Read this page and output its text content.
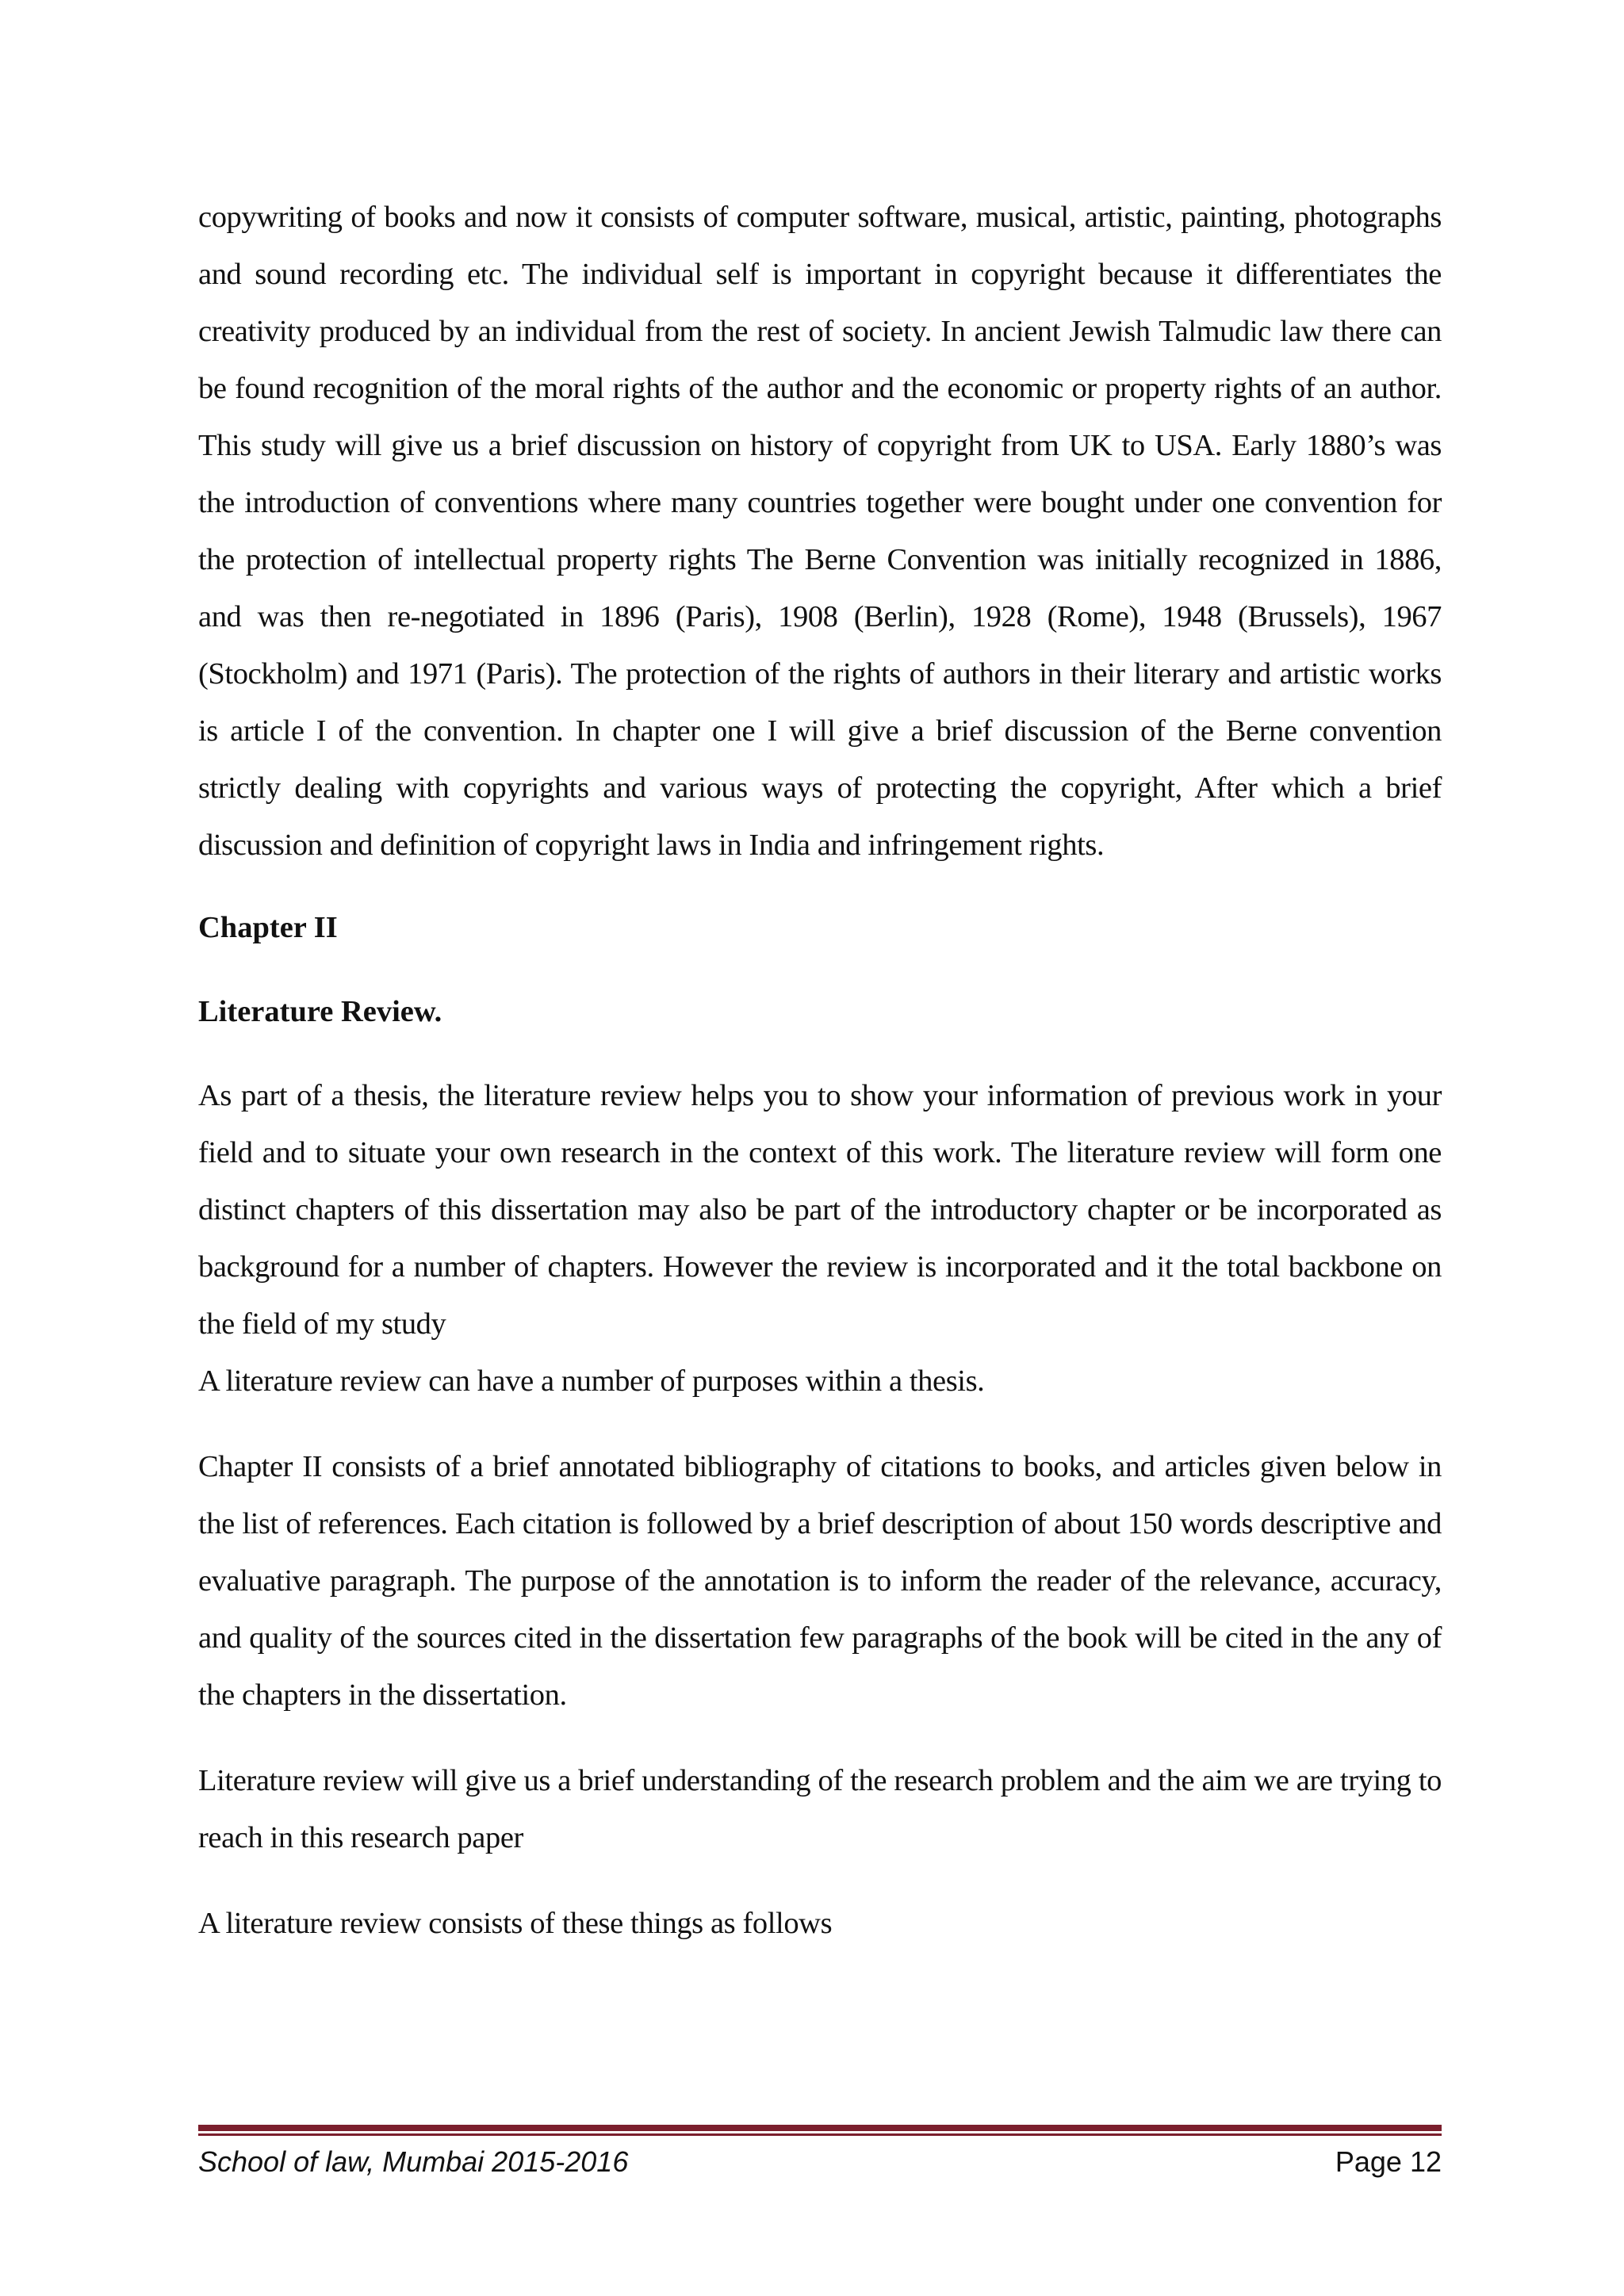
copywriting of books and now it consists of computer software, musical, artistic, painting, photographs and sound recording etc. The individual self is important in copyright because it differentiates the creativity produced by an individual from the rest of society. In ancient Jewish Talmudic law there can be found recognition of the moral rights of the author and the economic or property rights of an author. This study will give us a brief discussion on history of copyright from UK to USA. Early 1880’s was the introduction of conventions where many countries together were bought under one convention for the protection of intellectual property rights The Berne Convention was initially recognized in 1886, and was then re-negotiated in 1896 (Paris), 1908 (Berlin), 1928 (Rome), 1948 (Brussels), 1967 (Stockholm) and 1971 (Paris). The protection of the rights of authors in their literary and artistic works is article I of the convention. In chapter one I will give a brief discussion of the Berne convention strictly dealing with copyrights and various ways of protecting the copyright, After which a brief discussion and definition of copyright laws in India and infringement rights.

Chapter II

Literature Review.

As part of a thesis, the literature review helps you to show your information of previous work in your field and to situate your own research in the context of this work. The literature review will form one distinct chapters of this dissertation may also be part of the introductory chapter or be incorporated as background for a number of chapters. However the review is incorporated and it the total backbone on the field of my study

A literature review can have a number of purposes within a thesis.

Chapter II consists of a brief annotated bibliography of citations to books, and articles given below in the list of references. Each citation is followed by a brief description of about 150 words descriptive and evaluative paragraph. The purpose of the annotation is to inform the reader of the relevance, accuracy, and quality of the sources cited in the dissertation few paragraphs of the book will be cited in the any of the chapters in the dissertation.

Literature review will give us a brief understanding of the research problem and the aim we are trying to reach in this research paper

A literature review consists of these things as follows

School of law, Mumbai 2015-2016	Page 12
